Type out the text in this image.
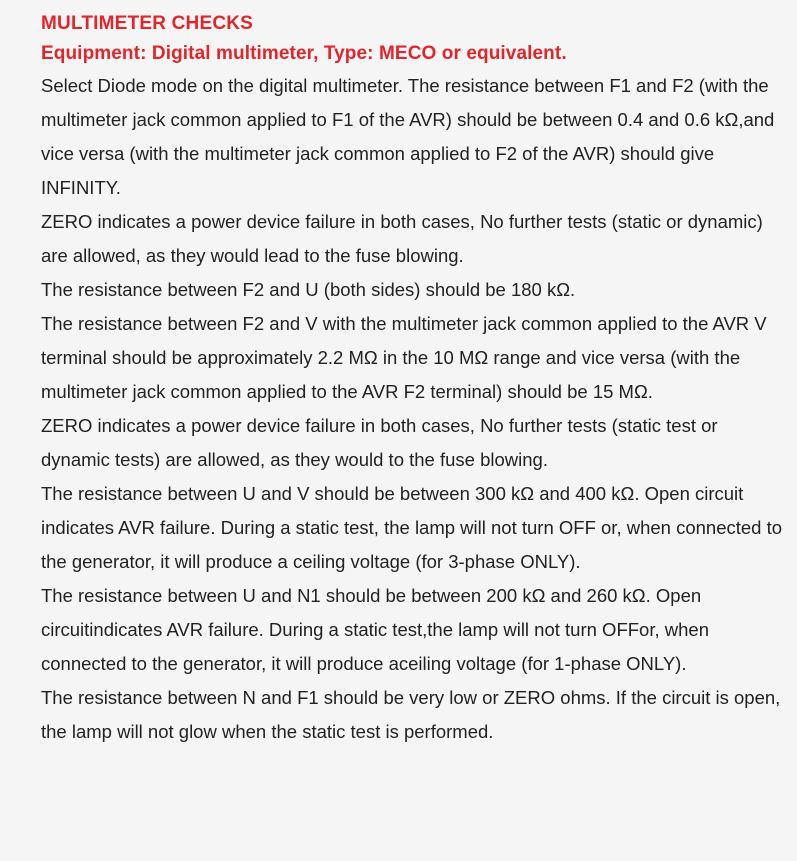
MULTIMETER CHECKS
Equipment: Digital multimeter, Type: MECO or equivalent.

Select Diode mode on the digital multimeter. The resistance between F1 and F2 (with the multimeter jack common applied to F1 of the AVR) should be between 0.4 and 0.6 kΩ,and vice versa (with the multimeter jack common applied to F2 of the AVR) should give INFINITY.

ZERO indicates a power device failure in both cases, No further tests (static or dynamic) are allowed, as they would lead to the fuse blowing.

The resistance between F2 and U (both sides) should be 180 kΩ.

The resistance between F2 and V with the multimeter jack common applied to the AVR V terminal should be approximately 2.2 MΩ in the 10 MΩ range and vice versa (with the multimeter jack common applied to the AVR F2 terminal) should be 15 MΩ.

ZERO indicates a power device failure in both cases, No further tests (static test or dynamic tests) are allowed, as they would to the fuse blowing.

The resistance between U and V should be between 300 kΩ and 400 kΩ. Open circuit indicates AVR failure. During a static test, the lamp will not turn OFF or, when connected to the generator, it will produce a ceiling voltage (for 3-phase ONLY).

The resistance between U and N1 should be between 200 kΩ and 260 kΩ. Open circuitindicates AVR failure. During a static test,the lamp will not turn OFFor, when connected to the generator, it will produce aceiling voltage (for 1-phase ONLY).

The resistance between N and F1 should be very low or ZERO ohms. If the circuit is open, the lamp will not glow when the static test is performed.
